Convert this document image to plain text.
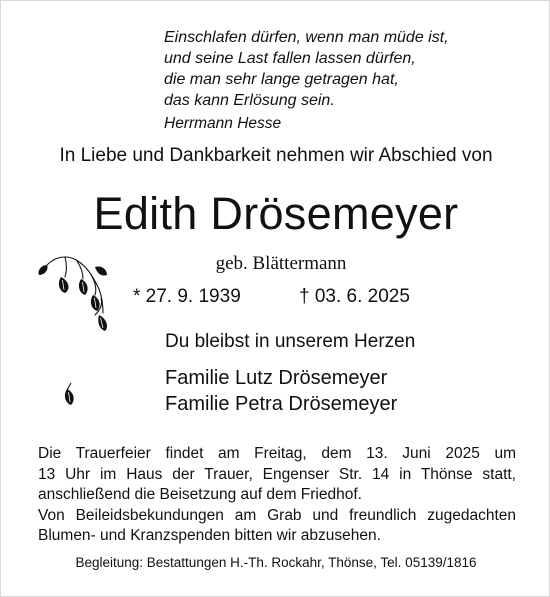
Einschlafen dürfen, wenn man müde ist,
und seine Last fallen lassen dürfen,
die man sehr lange getragen hat,
das kann Erlösung sein.
Herrmann Hesse
In Liebe und Dankbarkeit nehmen wir Abschied von
Edith Drösemeyer
geb. Blättermann
* 27. 9. 1939	† 03. 6. 2025
Du bleibst in unserem Herzen
Familie Lutz Drösemeyer
Familie Petra Drösemeyer
Die Trauerfeier findet am Freitag, dem 13. Juni 2025 um
13 Uhr im Haus der Trauer, Engenser Str. 14 in Thönse statt,
anschließend die Beisetzung auf dem Friedhof.
Von Beileidsbekundungen am Grab und freundlich zugedachten
Blumen- und Kranzspenden bitten wir abzusehen.
Begleitung: Bestattungen H.-Th. Rockahr, Thönse, Tel. 05139/1816
